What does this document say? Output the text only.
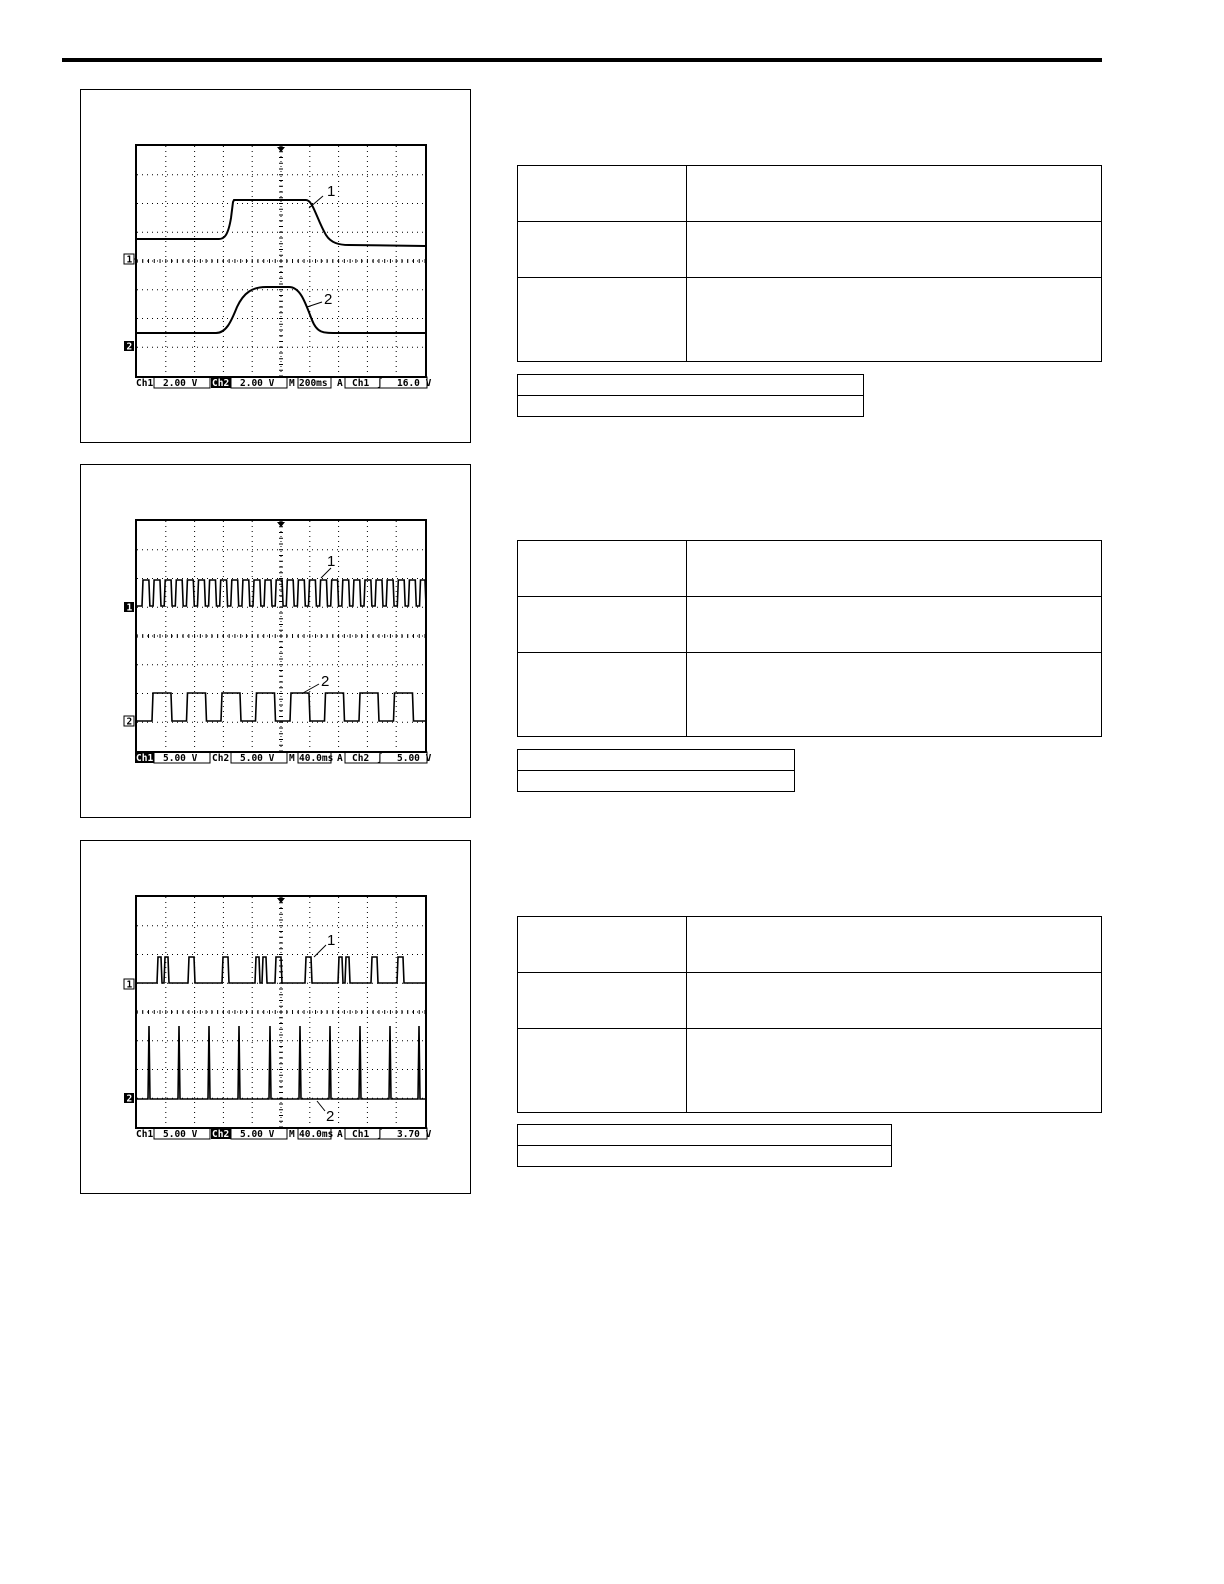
1
2
1
2
Ch1 2.00 V Ch2 2.00 V M 200ms A Ch1 ∫ 16.0 V

1
2
1
2
Ch1 5.00 V Ch2 5.00 V M 40.0ms A Ch2 ∫ 5.00 V

1
2
1
2
Ch1 5.00 V Ch2 5.00 V M 40.0ms A Ch1 ∫ 3.70 V
